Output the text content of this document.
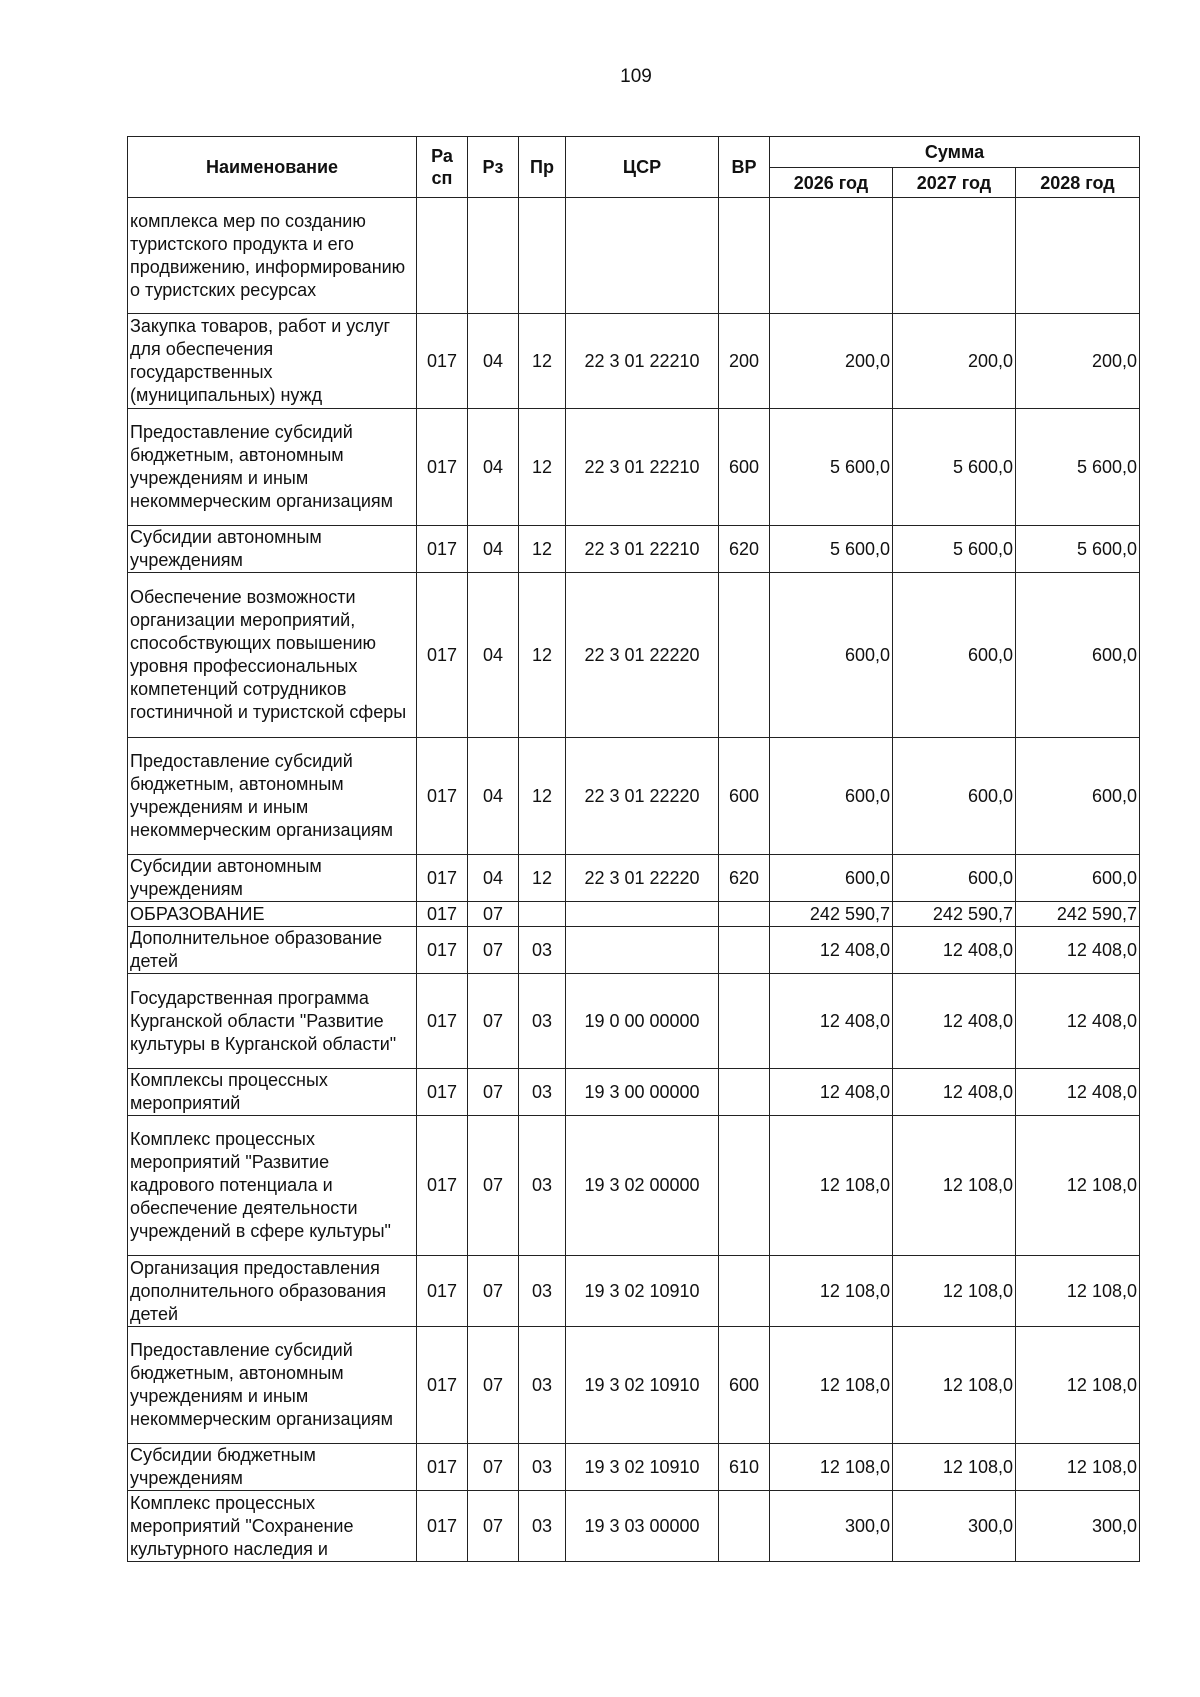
109
Наименование	Ра сп	Рз	Пр	ЦСР	ВР	Сумма		
						2026 год	2027 год	2028 год
комплекса мер по созданию туристского продукта и его продвижению, информированию о туристских ресурсах								
Закупка товаров, работ и услуг для обеспечения государственных (муниципальных) нужд	017	04	12	22 3 01 22210	200	200,0	200,0	200,0
Предоставление субсидий бюджетным, автономным учреждениям и иным некоммерческим организациям	017	04	12	22 3 01 22210	600	5 600,0	5 600,0	5 600,0
Субсидии автономным учреждениям	017	04	12	22 3 01 22210	620	5 600,0	5 600,0	5 600,0
Обеспечение возможности организации мероприятий, способствующих повышению уровня профессиональных компетенций сотрудников гостиничной и туристской сферы	017	04	12	22 3 01 22220		600,0	600,0	600,0
Предоставление субсидий бюджетным, автономным учреждениям и иным некоммерческим организациям	017	04	12	22 3 01 22220	600	600,0	600,0	600,0
Субсидии автономным учреждениям	017	04	12	22 3 01 22220	620	600,0	600,0	600,0
ОБРАЗОВАНИЕ	017	07				242 590,7	242 590,7	242 590,7
Дополнительное образование детей	017	07	03			12 408,0	12 408,0	12 408,0
Государственная программа Курганской области "Развитие культуры в Курганской области"	017	07	03	19 0 00 00000		12 408,0	12 408,0	12 408,0
Комплексы процессных мероприятий	017	07	03	19 3 00 00000		12 408,0	12 408,0	12 408,0
Комплекс процессных мероприятий "Развитие кадрового потенциала и обеспечение деятельности учреждений в сфере культуры"	017	07	03	19 3 02 00000		12 108,0	12 108,0	12 108,0
Организация предоставления дополнительного образования детей	017	07	03	19 3 02 10910		12 108,0	12 108,0	12 108,0
Предоставление субсидий бюджетным, автономным учреждениям и иным некоммерческим организациям	017	07	03	19 3 02 10910	600	12 108,0	12 108,0	12 108,0
Субсидии бюджетным учреждениям	017	07	03	19 3 02 10910	610	12 108,0	12 108,0	12 108,0
Комплекс процессных мероприятий "Сохранение культурного наследия и	017	07	03	19 3 03 00000		300,0	300,0	300,0
